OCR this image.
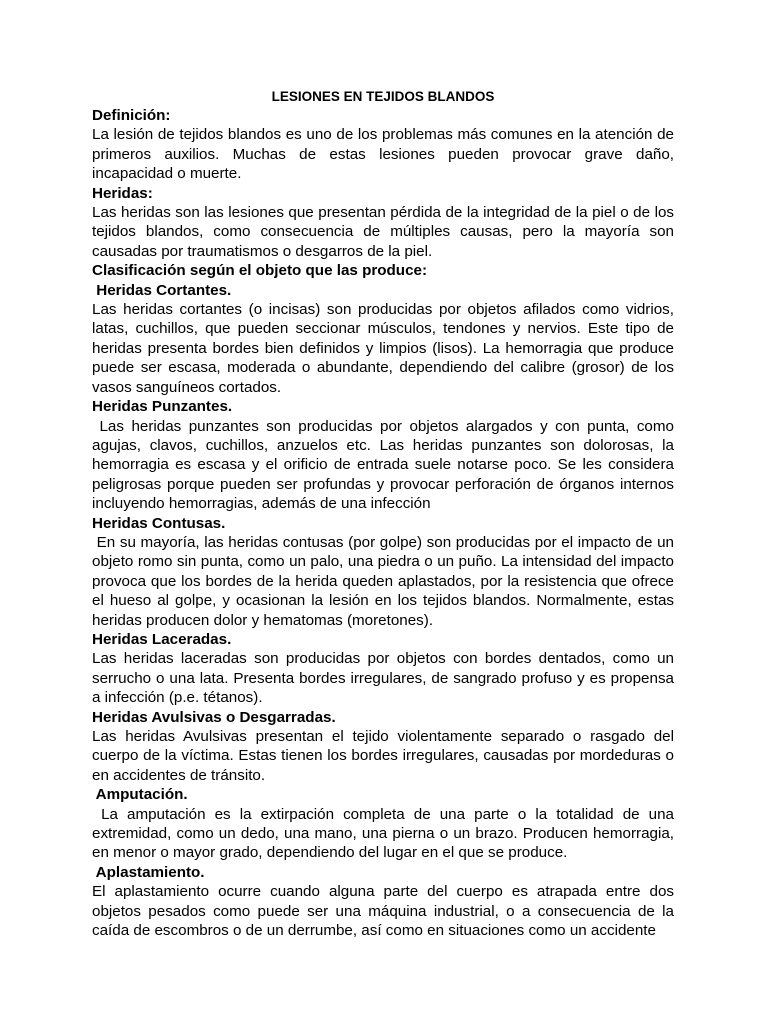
LESIONES EN TEJIDOS BLANDOS

Definición:

La lesión de tejidos blandos es uno de los problemas más comunes en la atención de primeros auxilios. Muchas de estas lesiones pueden provocar grave daño, incapacidad o muerte.

Heridas:

Las heridas son las lesiones que presentan pérdida de la integridad de la piel o de los tejidos blandos, como consecuencia de múltiples causas, pero la mayoría son causadas por traumatismos o desgarros de la piel.

Clasificación según el objeto que las produce:

Heridas Cortantes.

Las heridas cortantes (o incisas) son producidas por objetos afilados como vidrios, latas, cuchillos, que pueden seccionar músculos, tendones y nervios. Este tipo de heridas presenta bordes bien definidos y limpios (lisos). La hemorragia que produce puede ser escasa, moderada o abundante, dependiendo del calibre (grosor) de los vasos sanguíneos cortados.

Heridas Punzantes.

Las heridas punzantes son producidas por objetos alargados y con punta, como agujas, clavos, cuchillos, anzuelos etc. Las heridas punzantes son dolorosas, la hemorragia es escasa y el orificio de entrada suele notarse poco. Se les considera peligrosas porque pueden ser profundas y provocar perforación de órganos internos incluyendo hemorragias, además de una infección

Heridas Contusas.

En su mayoría, las heridas contusas (por golpe) son producidas por el impacto de un objeto romo sin punta, como un palo, una piedra o un puño. La intensidad del impacto provoca que los bordes de la herida queden aplastados, por la resistencia que ofrece el hueso al golpe, y ocasionan la lesión en los tejidos blandos. Normalmente, estas heridas producen dolor y hematomas (moretones).

Heridas Laceradas.

Las heridas laceradas son producidas por objetos con bordes dentados, como un serrucho o una lata. Presenta bordes irregulares, de sangrado profuso y es propensa a infección (p.e. tétanos).

Heridas Avulsivas o Desgarradas.

Las heridas Avulsivas presentan el tejido violentamente separado o rasgado del cuerpo de la víctima. Estas tienen los bordes irregulares, causadas por mordeduras o en accidentes de tránsito.

Amputación.

La amputación es la extirpación completa de una parte o la totalidad de una extremidad, como un dedo, una mano, una pierna o un brazo. Producen hemorragia, en menor o mayor grado, dependiendo del lugar en el que se produce.

Aplastamiento.

El aplastamiento ocurre cuando alguna parte del cuerpo es atrapada entre dos objetos pesados como puede ser una máquina industrial, o a consecuencia de la caída de escombros o de un derrumbe, así como en situaciones como un accidente
